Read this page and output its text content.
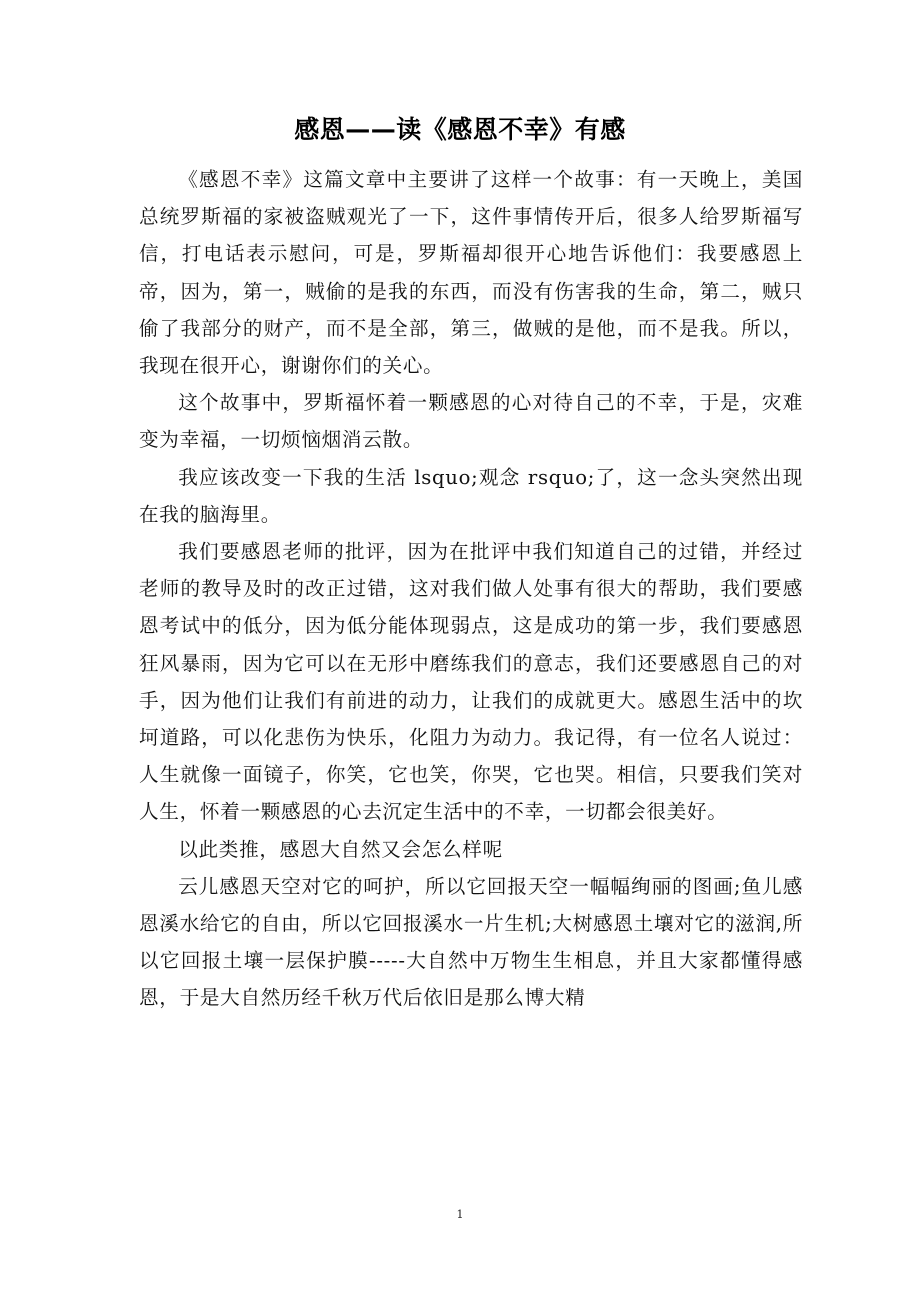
感恩——读《感恩不幸》有感

《感恩不幸》这篇文章中主要讲了这样一个故事：有一天晚上，美国总统罗斯福的家被盗贼观光了一下，这件事情传开后，很多人给罗斯福写信，打电话表示慰问，可是，罗斯福却很开心地告诉他们：我要感恩上帝，因为，第一，贼偷的是我的东西，而没有伤害我的生命，第二，贼只偷了我部分的财产，而不是全部，第三，做贼的是他，而不是我。所以，我现在很开心，谢谢你们的关心。

这个故事中，罗斯福怀着一颗感恩的心对待自己的不幸，于是，灾难变为幸福，一切烦恼烟消云散。

我应该改变一下我的生活 lsquo;观念 rsquo;了，这一念头突然出现在我的脑海里。

我们要感恩老师的批评，因为在批评中我们知道自己的过错，并经过老师的教导及时的改正过错，这对我们做人处事有很大的帮助，我们要感恩考试中的低分，因为低分能体现弱点，这是成功的第一步，我们要感恩狂风暴雨，因为它可以在无形中磨练我们的意志，我们还要感恩自己的对手，因为他们让我们有前进的动力，让我们的成就更大。感恩生活中的坎坷道路，可以化悲伤为快乐，化阻力为动力。我记得，有一位名人说过：人生就像一面镜子，你笑，它也笑，你哭，它也哭。相信，只要我们笑对人生，怀着一颗感恩的心去沉定生活中的不幸，一切都会很美好。

以此类推，感恩大自然又会怎么样呢

云儿感恩天空对它的呵护，所以它回报天空一幅幅绚丽的图画;鱼儿感恩溪水给它的自由，所以它回报溪水一片生机;大树感恩土壤对它的滋润,所以它回报土壤一层保护膜-----大自然中万物生生相息，并且大家都懂得感恩，于是大自然历经千秋万代后依旧是那么博大精

1
